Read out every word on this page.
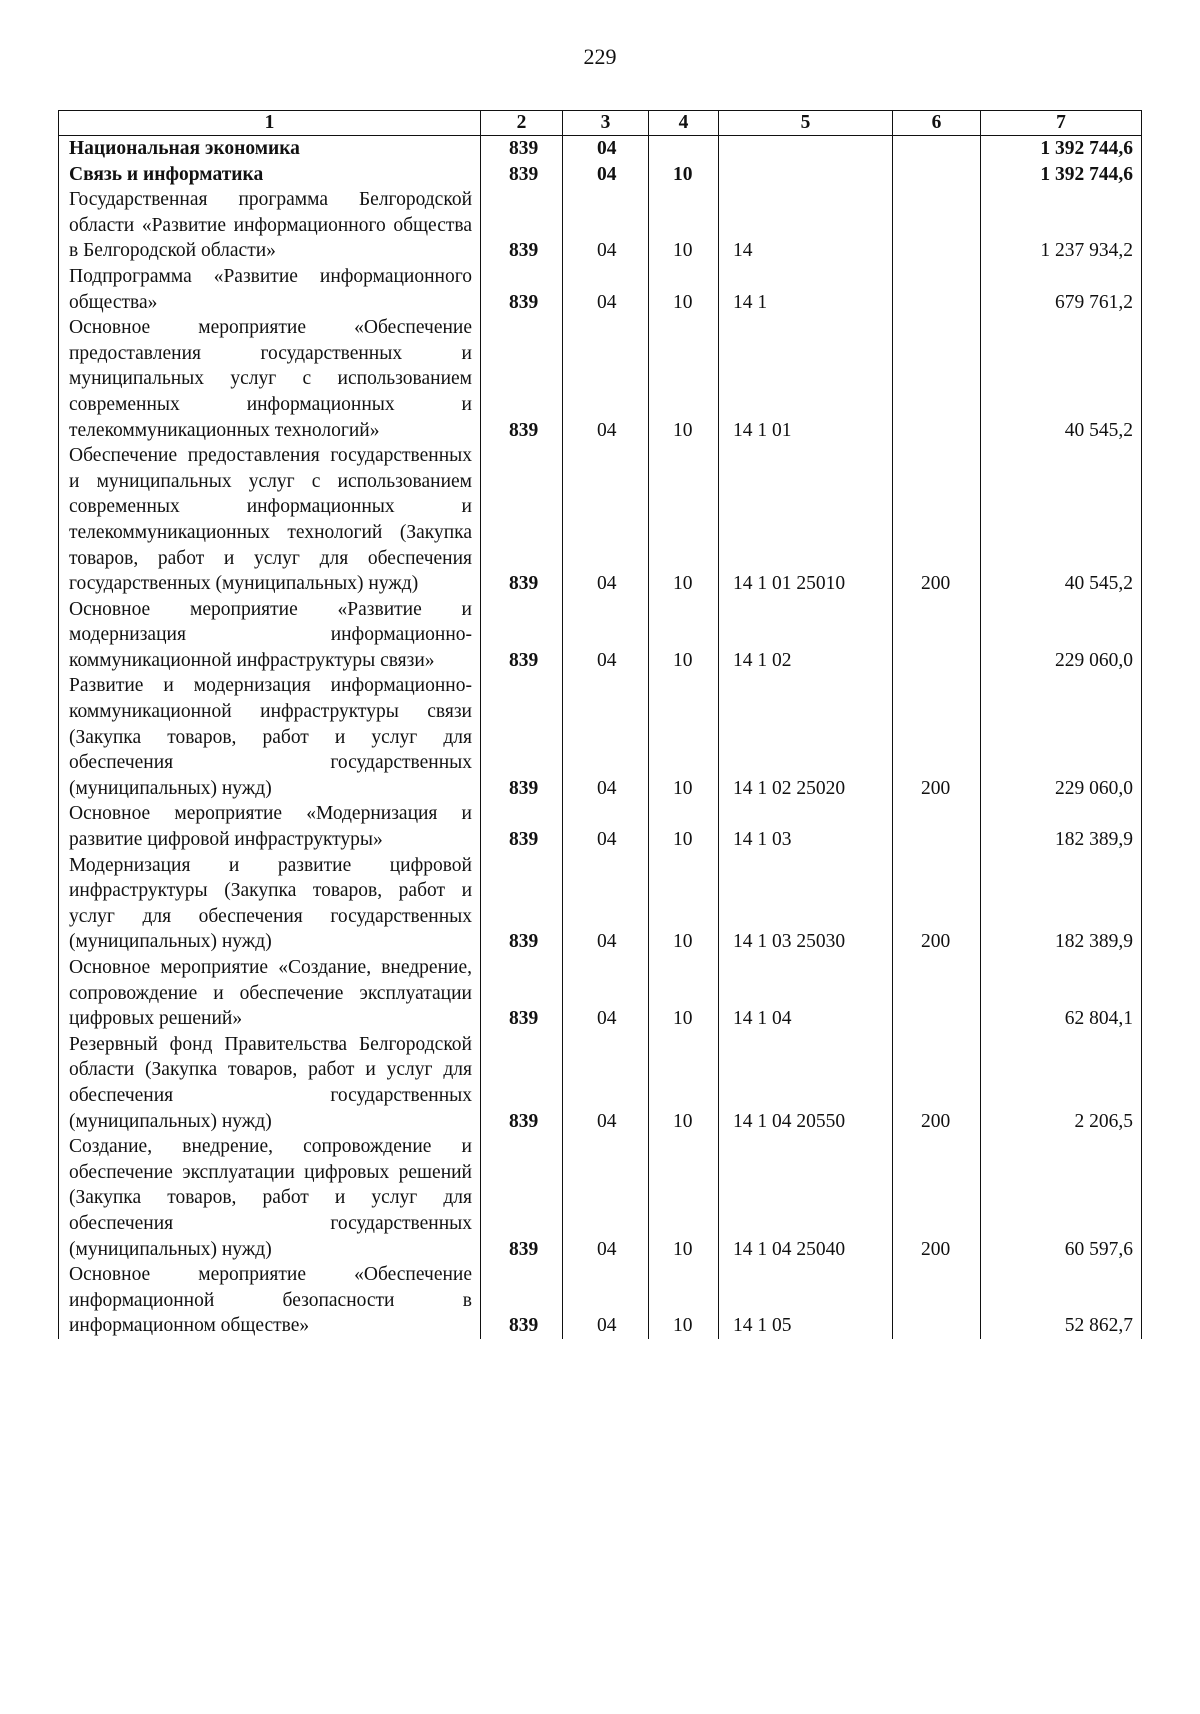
229
1	2	3	4	5	6	7
Национальная экономика	839	04				1 392 744,6
Связь и информатика	839	04	10			1 392 744,6
Государственная программа Белгородской области «Развитие информационного общества в Белгородской области»	839	04	10	14		1 237 934,2
Подпрограмма «Развитие информационного общества»	839	04	10	14 1		679 761,2
Основное мероприятие «Обеспечение предоставления государственных и муниципальных услуг с использованием современных информационных и телекоммуникационных технологий»	839	04	10	14 1 01		40 545,2
Обеспечение предоставления государственных и муниципальных услуг с использованием современных информационных и телекоммуникационных технологий (Закупка товаров, работ и услуг для обеспечения государственных (муниципальных) нужд)	839	04	10	14 1 01 25010	200	40 545,2
Основное мероприятие «Развитие и модернизация информационно-коммуникационной инфраструктуры связи»	839	04	10	14 1 02		229 060,0
Развитие и модернизация информационно-коммуникационной инфраструктуры связи (Закупка товаров, работ и услуг для обеспечения государственных (муниципальных) нужд)	839	04	10	14 1 02 25020	200	229 060,0
Основное мероприятие «Модернизация и развитие цифровой инфраструктуры»	839	04	10	14 1 03		182 389,9
Модернизация и развитие цифровой инфраструктуры (Закупка товаров, работ и услуг для обеспечения государственных (муниципальных) нужд)	839	04	10	14 1 03 25030	200	182 389,9
Основное мероприятие «Создание, внедрение, сопровождение и обеспечение эксплуатации цифровых решений»	839	04	10	14 1 04		62 804,1
Резервный фонд Правительства Белгородской области (Закупка товаров, работ и услуг для обеспечения государственных (муниципальных) нужд)	839	04	10	14 1 04 20550	200	2 206,5
Создание, внедрение, сопровождение и обеспечение эксплуатации цифровых решений (Закупка товаров, работ и услуг для обеспечения государственных (муниципальных) нужд)	839	04	10	14 1 04 25040	200	60 597,6
Основное мероприятие «Обеспечение информационной безопасности в информационном обществе»	839	04	10	14 1 05		52 862,7
